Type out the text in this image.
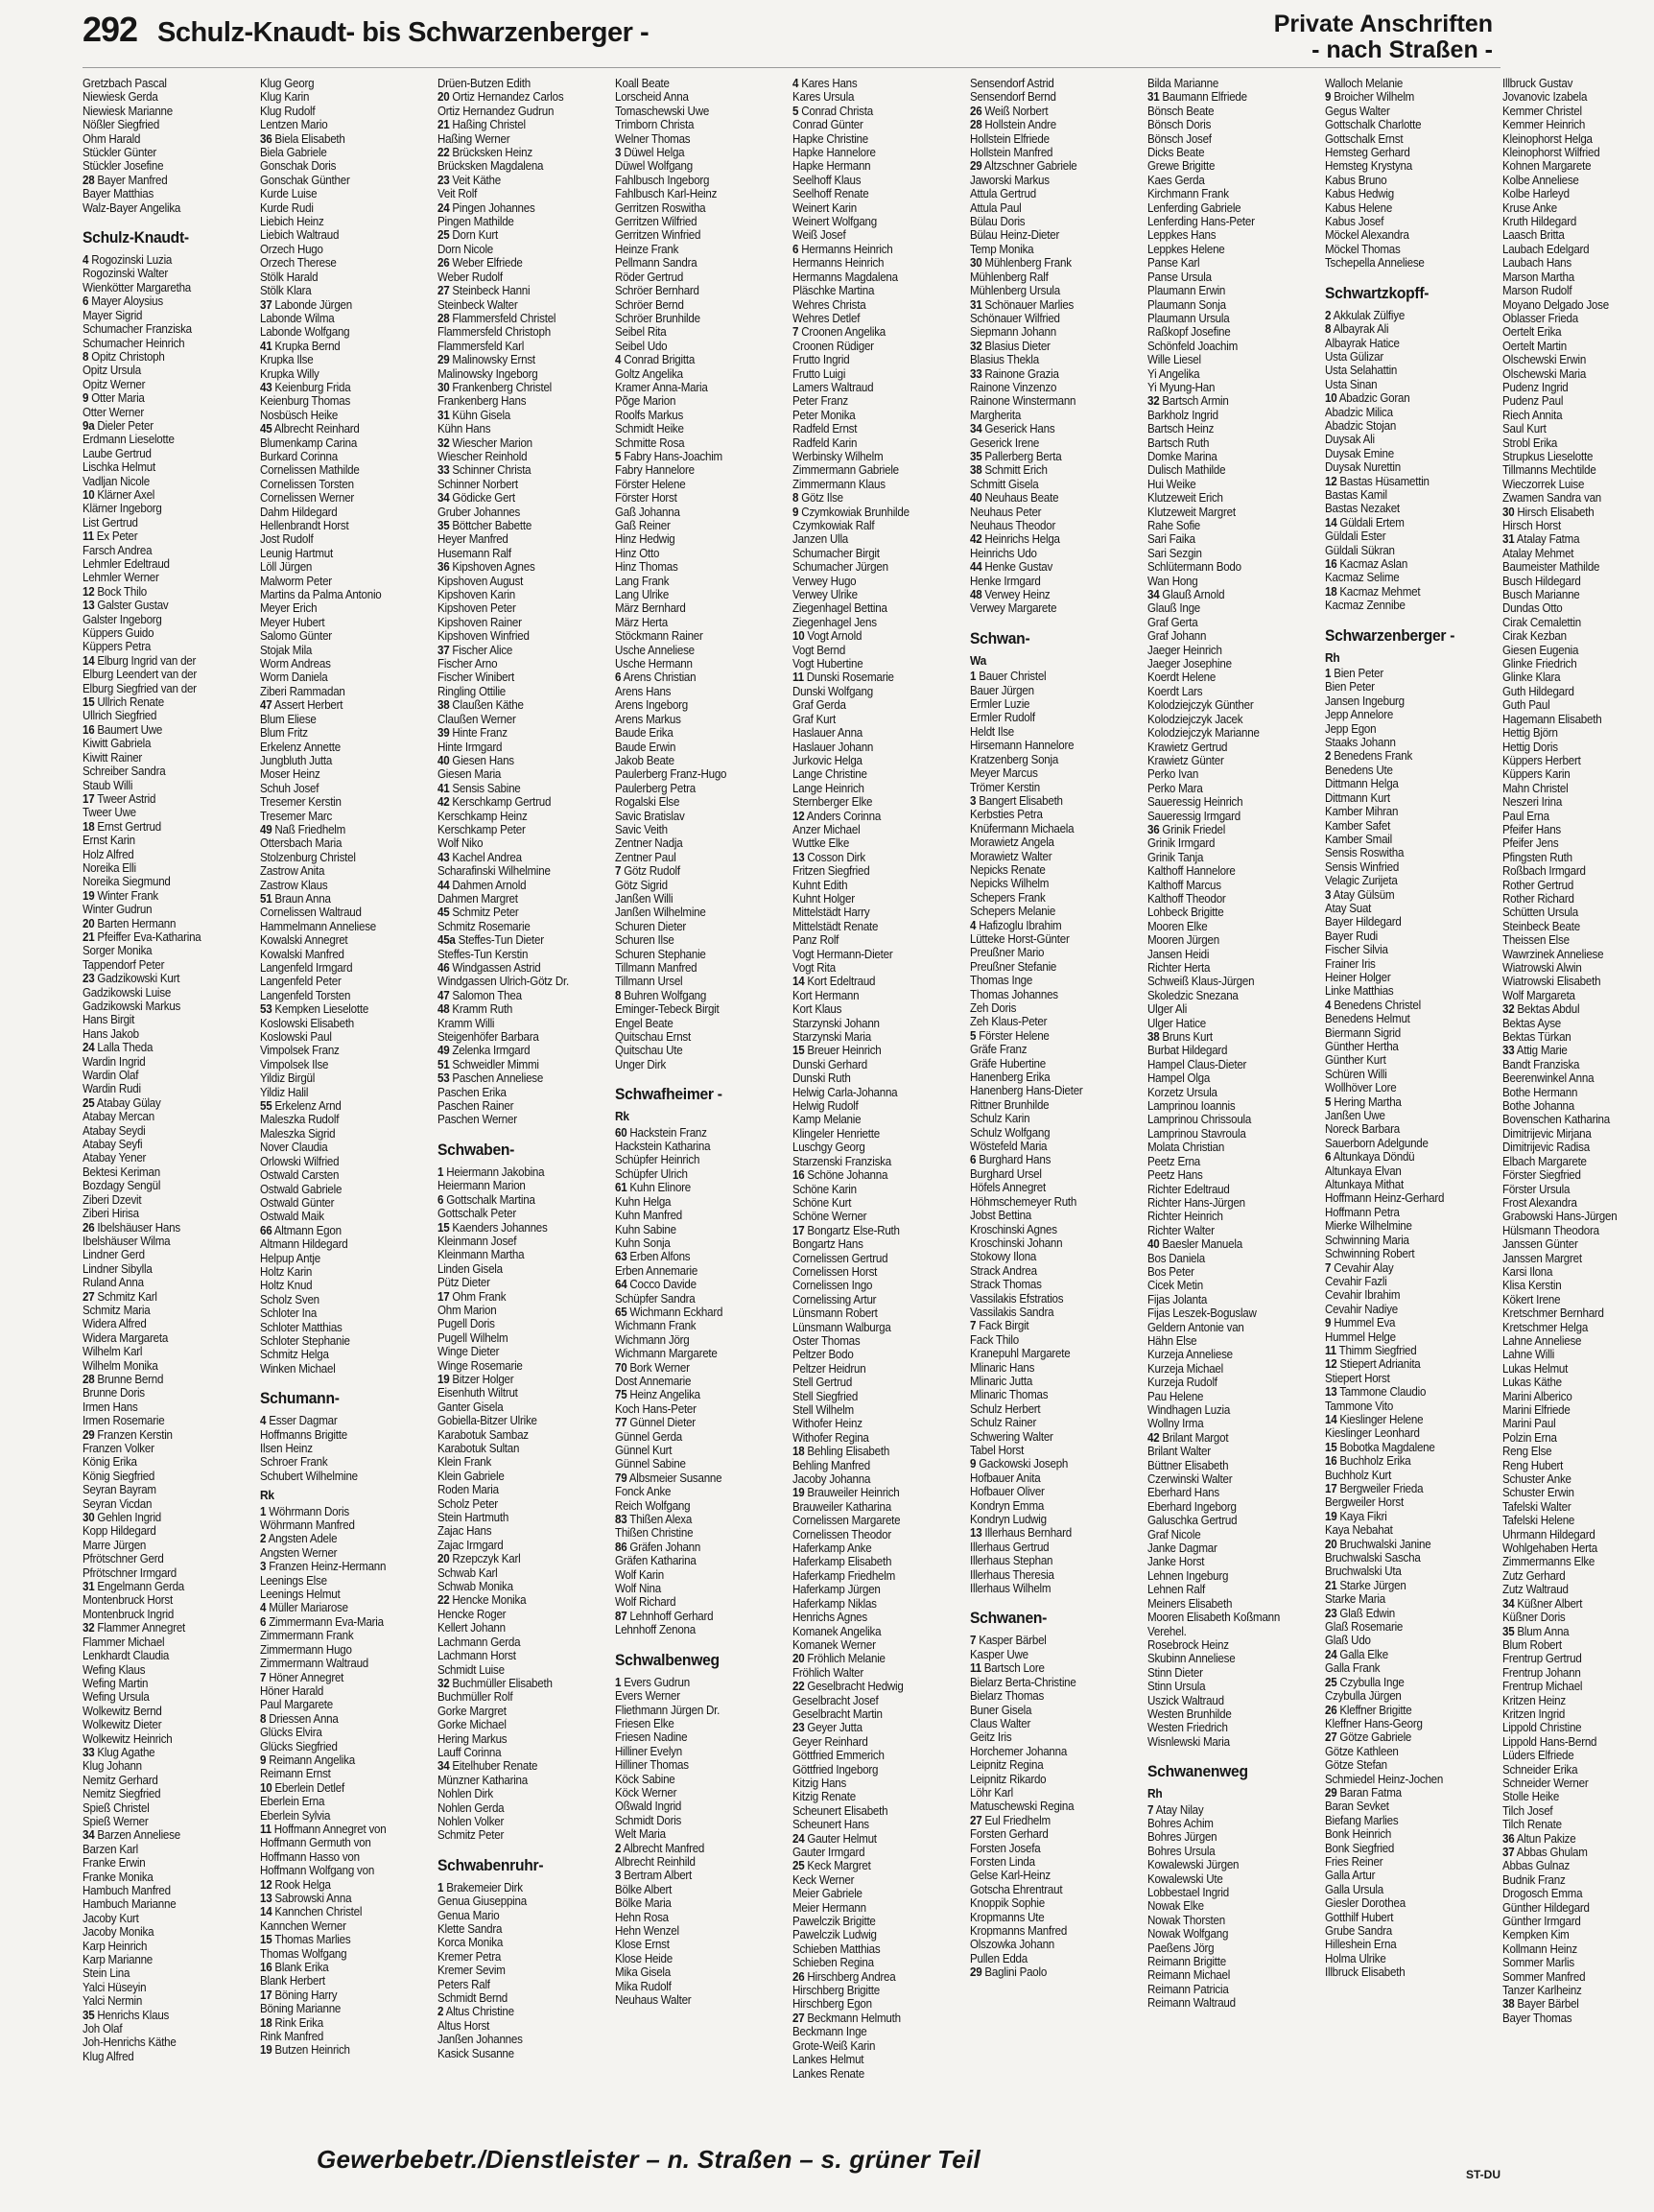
292 Schulz-Knaudt- bis Schwarzenberger -	Private Anschriften
- nach Straßen -
Gretzbach Pascal
Niewiesk Gerda
Niewiesk Marianne
Nößler Siegfried
Ohm Harald
Stückler Günter
Stückler Josefine
28 Bayer Manfred
Bayer Matthias
Walz-Bayer Angelika
Schulz-Knaudt-
4 Rogozinski Luzia
Rogozinski Walter
Wienkötter Margaretha
6 Mayer Aloysius
Mayer Sigrid
Schumacher Franziska
Schumacher Heinrich
8 Opitz Christoph
Opitz Ursula
Opitz Werner
9 Otter Maria
Otter Werner
9a Dieler Peter
Erdmann Lieselotte
Laube Gertrud
Lischka Helmut
Vadljan Nicole
10 Klärner Axel
Klärner Ingeborg
List Gertrud
11 Ex Peter
Farsch Andrea
Lehmler Edeltraud
Lehmler Werner
12 Bock Thilo
13 Galster Gustav
Galster Ingeborg
Küppers Guido
Küppers Petra
14 Elburg Ingrid van der
Elburg Leendert van der
Elburg Siegfried van der
15 Ullrich Renate
Ullrich Siegfried
16 Baumert Uwe
Kiwitt Gabriela
Kiwitt Rainer
Schreiber Sandra
Staub Willi
17 Tweer Astrid
Tweer Uwe
18 Ernst Gertrud
Ernst Karin
Holz Alfred
Noreika Elli
Noreika Siegmund
19 Winter Frank
Winter Gudrun
20 Barten Hermann
21 Pfeiffer Eva-Katharina
Sorger Monika
Tappendorf Peter
23 Gadzikowski Kurt
Gadzikowski Luise
Gadzikowski Markus
Hans Birgit
Hans Jakob
24 Lalla Theda
Wardin Ingrid
Wardin Olaf
Wardin Rudi
25 Atabay Gülay
Atabay Mercan
Atabay Seydi
Atabay Seyfi
Atabay Yener
Bektesi Keriman
Bozdagy Sengül
Ziberi Dzevit
Ziberi Hirisa
26 Ibelshäuser Hans
Ibelshäuser Wilma
Lindner Gerd
Lindner Sibylla
Ruland Anna
27 Schmitz Karl
Schmitz Maria
Widera Alfred
Widera Margareta
Wilhelm Karl
Wilhelm Monika
28 Brunne Bernd
Brunne Doris
Irmen Hans
Irmen Rosemarie
29 Franzen Kerstin
Franzen Volker
König Erika
König Siegfried
Seyran Bayram
Seyran Vicdan
30 Gehlen Ingrid
Kopp Hildegard
Marre Jürgen
Pfrötschner Gerd
Pfrötschner Irmgard
31 Engelmann Gerda
Montenbruck Horst
Montenbruck Ingrid
32 Flammer Annegret
Flammer Michael
Lenkhardt Claudia
Wefing Klaus
Wefing Martin
Wefing Ursula
Wolkewitz Bernd
Wolkewitz Dieter
Wolkewitz Heinrich
33 Klug Agathe
Klug Johann
Nemitz Gerhard
Nemitz Siegfried
Spieß Christel
Spieß Werner
34 Barzen Anneliese
Barzen Karl
Franke Erwin
Franke Monika
Hambuch Manfred
Hambuch Marianne
Jacoby Kurt
Jacoby Monika
Karp Heinrich
Karp Marianne
Stein Lina
Yalci Hüseyin
Yalci Nermin
35 Henrichs Klaus
Joh Olaf
Joh-Henrichs Käthe
Klug Alfred
Klug Georg
Klug Karin
Klug Rudolf
Lentzen Mario
36 Biela Elisabeth
Biela Gabriele
Gonschak Doris
Gonschak Günther
Kurde Luise
Kurde Rudi
Liebich Heinz
Liebich Waltraud
Orzech Hugo
Orzech Therese
Stölk Harald
Stölk Klara
37 Labonde Jürgen
Labonde Wilma
Labonde Wolfgang
41 Krupka Bernd
Krupka Ilse
Krupka Willy
43 Keienburg Frida
Keienburg Thomas
Nosbüsch Heike
45 Albrecht Reinhard
Blumenkamp Carina
Burkard Corinna
Cornelissen Mathilde
Cornelissen Torsten
Cornelissen Werner
Dahm Hildegard
Hellenbrandt Horst
Jost Rudolf
Leunig Hartmut
Löll Jürgen
Malworm Peter
Martins da Palma Antonio
Meyer Erich
Meyer Hubert
Salomo Günter
Stojak Mila
Worm Andreas
Worm Daniela
Ziberi Rammadan
47 Assert Herbert
Blum Eliese
Blum Fritz
Erkelenz Annette
Jungbluth Jutta
Moser Heinz
Schuh Josef
Tresemer Kerstin
Tresemer Marc
49 Naß Friedhelm
Ottersbach Maria
Stolzenburg Christel
Zastrow Anita
Zastrow Klaus
51 Braun Anna
Cornelissen Waltraud
Hammelmann Anneliese
Kowalski Annegret
Kowalski Manfred
Langenfeld Irmgard
Langenfeld Peter
Langenfeld Torsten
53 Kempken Lieselotte
Koslowski Elisabeth
Koslowski Paul
Vimpolsek Franz
Vimpolsek Ilse
Yildiz Birgül
Yildiz Halil
55 Erkelenz Arnd
Maleszka Rudolf
Maleszka Sigrid
Nover Claudia
Orlowski Wilfried
Ostwald Carsten
Ostwald Gabriele
Ostwald Günter
Ostwald Maik
66 Altmann Egon
Altmann Hildegard
Helpup Antje
Holtz Karin
Holtz Knud
Scholz Sven
Schloter Ina
Schloter Matthias
Schloter Stephanie
Schmitz Helga
Winken Michael
Schumann-
4 Esser Dagmar
Hoffmanns Brigitte
Ilsen Heinz
Schroer Frank
Schubert Wilhelmine
Rk
1 Wöhrmann Doris
Wöhrmann Manfred
2 Angsten Adele
Angsten Werner
3 Franzen Heinz-Hermann
Leenings Else
Leenings Helmut
4 Müller Mariarose
6 Zimmermann Eva-Maria
Zimmermann Frank
Zimmermann Hugo
Zimmermann Waltraud
7 Höner Annegret
Höner Harald
Paul Margarete
8 Driessen Anna
Glücks Elvira
Glücks Siegfried
9 Reimann Angelika
Reimann Ernst
10 Eberlein Detlef
Eberlein Erna
Eberlein Sylvia
11 Hoffmann Annegret von
Hoffmann Germuth von
Hoffmann Hasso von
Hoffmann Wolfgang von
12 Rook Helga
13 Sabrowski Anna
14 Kannchen Christel
Kannchen Werner
15 Thomas Marlies
Thomas Wolfgang
16 Blank Erika
Blank Herbert
17 Böning Harry
Böning Marianne
18 Rink Erika
Rink Manfred
19 Butzen Heinrich
Drüen-Butzen Edith
20 Ortiz Hernandez Carlos
Ortiz Hernandez Gudrun
21 Haßing Christel
Haßing Werner
22 Brücksken Heinz
Brücksken Magdalena
23 Veit Käthe
Veit Rolf
24 Pingen Johannes
Pingen Mathilde
25 Dorn Kurt
Dorn Nicole
26 Weber Elfriede
Weber Rudolf
27 Steinbeck Hanni
Steinbeck Walter
28 Flammersfeld Christel
Flammersfeld Christoph
Flammersfeld Karl
29 Malinowsky Ernst
Malinowsky Ingeborg
30 Frankenberg Christel
Frankenberg Hans
31 Kühn Gisela
Kühn Hans
32 Wiescher Marion
Wiescher Reinhold
33 Schinner Christa
Schinner Norbert
34 Gödicke Gert
Gruber Johannes
35 Böttcher Babette
Heyer Manfred
Husemann Ralf
36 Kipshoven Agnes
Kipshoven August
Kipshoven Karin
Kipshoven Peter
Kipshoven Rainer
Kipshoven Winfried
37 Fischer Alice
Fischer Arno
Fischer Winibert
Ringling Ottilie
38 Claußen Käthe
Claußen Werner
39 Hinte Franz
Hinte Irmgard
40 Giesen Hans
Giesen Maria
41 Sensis Sabine
42 Kerschkamp Gertrud
Kerschkamp Heinz
Kerschkamp Peter
Wolf Niko
43 Kachel Andrea
Scharafinski Wilhelmine
44 Dahmen Arnold
Dahmen Margret
45 Schmitz Peter
Schmitz Rosemarie
45a Steffes-Tun Dieter
Steffes-Tun Kerstin
46 Windgassen Astrid
Windgassen Ulrich-Götz Dr.
47 Salomon Thea
48 Kramm Ruth
Kramm Willi
Steigenhöfer Barbara
49 Zelenka Irmgard
51 Schweidler Mimmi
53 Paschen Anneliese
Paschen Erika
Paschen Rainer
Paschen Werner
Schwaben-
1 Heiermann Jakobina
Heiermann Marion
6 Gottschalk Martina
Gottschalk Peter
15 Kaenders Johannes
Kleinmann Josef
Kleinmann Martha
Linden Gisela
Pütz Dieter
17 Ohm Frank
Ohm Marion
Pugell Doris
Pugell Wilhelm
Winge Dieter
Winge Rosemarie
19 Bitzer Holger
Eisenhuth Wiltrut
Ganter Gisela
Gobiella-Bitzer Ulrike
Karabotuk Sambaz
Karabotuk Sultan
Klein Frank
Klein Gabriele
Roden Maria
Scholz Peter
Stein Hartmuth
Zajac Hans
Zajac Irmgard
20 Rzepczyk Karl
Schwab Karl
Schwab Monika
22 Hencke Monika
Hencke Roger
Kellert Johann
Lachmann Gerda
Lachmann Horst
Schmidt Luise
32 Buchmüller Elisabeth
Buchmüller Rolf
Gorke Margret
Gorke Michael
Hering Markus
Lauff Corinna
34 Eitelhuber Renate
Münzner Katharina
Nohlen Dirk
Nohlen Gerda
Nohlen Volker
Schmitz Peter
Schwabenruhr-
1 Brakemeier Dirk
Genua Giuseppina
Genua Mario
Klette Sandra
Korca Monika
Kremer Petra
Kremer Sevim
Peters Ralf
Schmidt Bernd
2 Altus Christine
Altus Horst
Janßen Johannes
Kasick Susanne
Koall Beate
Lorscheid Anna
Tomaschewski Uwe
Trimborn Christa
Welner Thomas
3 Düwel Helga
Düwel Wolfgang
Fahlbusch Ingeborg
Fahlbusch Karl-Heinz
Gerritzen Roswitha
Gerritzen Wilfried
Gerritzen Winfried
Heinze Frank
Pellmann Sandra
Röder Gertrud
Schröer Bernhard
Schröer Bernd
Schröer Brunhilde
Seibel Rita
Seibel Udo
4 Conrad Brigitta
Goltz Angelika
Kramer Anna-Maria
Põge Marion
Roolfs Markus
Schmidt Heike
Schmitte Rosa
5 Fabry Hans-Joachim
Fabry Hannelore
Förster Helene
Förster Horst
Gaß Johanna
Gaß Reiner
Hinz Hedwig
Hinz Otto
Hinz Thomas
Lang Frank
Lang Ulrike
März Bernhard
März Herta
Stöckmann Rainer
Usche Anneliese
Usche Hermann
6 Arens Christian
Arens Hans
Arens Ingeborg
Arens Markus
Baude Erika
Baude Erwin
Jakob Beate
Paulerberg Franz-Hugo
Paulerberg Petra
Rogalski Else
Savic Bratislav
Savic Veith
Zentner Nadja
Zentner Paul
7 Götz Rudolf
Götz Sigrid
Janßen Willi
Janßen Wilhelmine
Schuren Dieter
Schuren Ilse
Schuren Stephanie
Tillmann Manfred
Tillmann Ursel
8 Buhren Wolfgang
Eminger-Tebeck Birgit
Engel Beate
Quitschau Ernst
Quitschau Ute
Unger Dirk
Schwafheimer -
Rk
60 Hackstein Franz
Hackstein Katharina
Schüpfer Heinrich
Schüpfer Ulrich
61 Kuhn Elinore
Kuhn Helga
Kuhn Manfred
Kuhn Sabine
Kuhn Sonja
63 Erben Alfons
Erben Annemarie
64 Cocco Davide
Schüpfer Sandra
65 Wichmann Eckhard
Wichmann Frank
Wichmann Jörg
Wichmann Margarete
70 Bork Werner
Dost Annemarie
75 Heinz Angelika
Koch Hans-Peter
77 Günnel Dieter
Günnel Gerda
Günnel Kurt
Günnel Sabine
79 Albsmeier Susanne
Fonck Anke
Reich Wolfgang
83 Thißen Alexa
Thißen Christine
86 Gräfen Johann
Gräfen Katharina
Wolf Karin
Wolf Nina
Wolf Richard
87 Lehnhoff Gerhard
Lehnhoff Zenona
Schwalbenweg
1 Evers Gudrun
Evers Werner
Fliethmann Jürgen Dr.
Friesen Elke
Friesen Nadine
Hilliner Evelyn
Hilliner Thomas
Köck Sabine
Köck Werner
Oßwald Ingrid
Schmidt Doris
Welt Maria
2 Albrecht Manfred
Albrecht Reinhild
3 Bertram Albert
Bölke Albert
Bölke Maria
Hehn Rosa
Hehn Wenzel
Klose Ernst
Klose Heide
Mika Gisela
Mika Rudolf
Neuhaus Walter
4 Kares Hans
Kares Ursula
5 Conrad Christa
Conrad Günter
Hapke Christine
Hapke Hannelore
Hapke Hermann
Seelhoff Klaus
Seelhoff Renate
Weinert Karin
Weinert Wolfgang
Weiß Josef
6 Hermanns Heinrich
Hermanns Heinrich
Hermanns Magdalena
Pläschke Martina
Wehres Christa
Wehres Detlef
7 Croonen Angelika
Croonen Rüdiger
Frutto Ingrid
Frutto Luigi
Lamers Waltraud
Peter Franz
Peter Monika
Radfeld Ernst
Radfeld Karin
Werbinsky Wilhelm
Zimmermann Gabriele
Zimmermann Klaus
8 Götz Ilse
9 Czymkowiak Brunhilde
Czymkowiak Ralf
Janzen Ulla
Schumacher Birgit
Schumacher Jürgen
Verwey Hugo
Verwey Ulrike
Ziegenhagel Bettina
Ziegenhagel Jens
10 Vogt Arnold
Vogt Bernd
Vogt Hubertine
11 Dunski Rosemarie
Dunski Wolfgang
Graf Gerda
Graf Kurt
Haslauer Anna
Haslauer Johann
Jurkovic Helga
Lange Christine
Lange Heinrich
Sternberger Elke
12 Anders Corinna
Anzer Michael
Wuttke Elke
13 Cosson Dirk
Fritzen Siegfried
Kuhnt Edith
Kuhnt Holger
Mittelstädt Harry
Mittelstädt Renate
Panz Rolf
Vogt Hermann-Dieter
Vogt Rita
14 Kort Edeltraud
Kort Hermann
Kort Klaus
Starzynski Johann
Starzynski Maria
15 Breuer Heinrich
Dunski Gerhard
Dunski Ruth
Helwig Carla-Johanna
Helwig Rudolf
Kamp Melanie
Klingeler Henriette
Luschgy Georg
Starzenski Franziska
16 Schöne Johanna
Schöne Karin
Schöne Kurt
Schöne Werner
17 Bongartz Else-Ruth
Bongartz Hans
Cornelissen Gertrud
Cornelissen Horst
Cornelissen Ingo
Cornelissing Artur
Lünsmann Robert
Lünsmann Walburga
Oster Thomas
Peltzer Bodo
Peltzer Heidrun
Stell Gertrud
Stell Siegfried
Stell Wilhelm
Withofer Heinz
Withofer Regina
18 Behling Elisabeth
Behling Manfred
Jacoby Johanna
19 Brauweiler Heinrich
Brauweiler Katharina
Cornelissen Margarete
Cornelissen Theodor
Haferkamp Anke
Haferkamp Elisabeth
Haferkamp Friedhelm
Haferkamp Jürgen
Haferkamp Niklas
Henrichs Agnes
Komanek Angelika
Komanek Werner
20 Fröhlich Melanie
Fröhlich Walter
22 Geselbracht Hedwig
Geselbracht Josef
Geselbracht Martin
23 Geyer Jutta
Geyer Reinhard
Göttfried Emmerich
Göttfried Ingeborg
Kitzig Hans
Kitzig Renate
Scheunert Elisabeth
Scheunert Hans
24 Gauter Helmut
Gauter Irmgard
25 Keck Margret
Keck Werner
Meier Gabriele
Meier Hermann
Pawelczik Brigitte
Pawelczik Ludwig
Schieben Matthias
Schieben Regina
26 Hirschberg Andrea
Hirschberg Brigitte
Hirschberg Egon
27 Beckmann Helmuth
Beckmann Inge
Grote-Weiß Karin
Lankes Helmut
Lankes Renate
Sensendorf Astrid
Sensendorf Bernd
26 Weiß Norbert
28 Hollstein Andre
Hollstein Elfriede
Hollstein Manfred
29 Altzschner Gabriele
Jaworski Markus
Attula Gertrud
Attula Paul
Bülau Doris
Bülau Heinz-Dieter
Temp Monika
30 Mühlenberg Frank
Mühlenberg Ralf
Mühlenberg Ursula
31 Schönauer Marlies
Schönauer Wilfried
Siepmann Johann
32 Blasius Dieter
Blasius Thekla
33 Rainone Grazia
Rainone Vinzenzo
Rainone Winstermann
Margherita
34 Geserick Hans
Geserick Irene
35 Pallerberg Berta
38 Schmitt Erich
Schmitt Gisela
40 Neuhaus Beate
Neuhaus Peter
Neuhaus Theodor
42 Heinrichs Helga
Heinrichs Udo
44 Henke Gustav
Henke Irmgard
48 Verwey Heinz
Verwey Margarete
Schwan-
Wa
1 Bauer Christel
Bauer Jürgen
Ermler Luzie
Ermler Rudolf
Heldt Ilse
Hirsemann Hannelore
Kratzenberg Sonja
Meyer Marcus
Trömer Kerstin
3 Bangert Elisabeth
Kerbsties Petra
Knüfermann Michaela
Morawietz Angela
Morawietz Walter
Nepicks Renate
Nepicks Wilhelm
Schepers Frank
Schepers Melanie
4 Hafizoglu Ibrahim
Lütteke Horst-Günter
Preußner Mario
Preußner Stefanie
Thomas Inge
Thomas Johannes
Zeh Doris
Zeh Klaus-Peter
5 Förster Helene
Gräfe Franz
Gräfe Hubertine
Hanenberg Erika
Hanenberg Hans-Dieter
Rittner Brunhilde
Schulz Karin
Schulz Wolfgang
Wöstefeld Maria
6 Burghard Hans
Burghard Ursel
Höfels Annegret
Höhmschemeyer Ruth
Jobst Bettina
Kroschinski Agnes
Kroschinski Johann
Stokowy Ilona
Strack Andrea
Strack Thomas
Vassilakis Efstratios
Vassilakis Sandra
7 Fack Birgit
Fack Thilo
Kranepuhl Margarete
Mlinaric Hans
Mlinaric Jutta
Mlinaric Thomas
Schulz Herbert
Schulz Rainer
Schwering Walter
Tabel Horst
9 Gackowski Joseph
Hofbauer Anita
Hofbauer Oliver
Kondryn Emma
Kondryn Ludwig
13 Illerhaus Bernhard
Illerhaus Gertrud
Illerhaus Stephan
Illerhaus Theresia
Illerhaus Wilhelm
Schwanen-
7 Kasper Bärbel
Kasper Uwe
11 Bartsch Lore
Bielarz Berta-Christine
Bielarz Thomas
Buner Gisela
Claus Walter
Geitz Iris
Horchemer Johanna
Leipnitz Regina
Leipnitz Rikardo
Löhr Karl
Matuschewski Regina
27 Eul Friedhelm
Forsten Gerhard
Forsten Josefa
Forsten Linda
Gelse Karl-Heinz
Gotscha Ehrentraut
Knoppik Sophie
Kropmanns Ute
Kropmanns Manfred
Olszowka Johann
Pullen Edda
29 Baglini Paolo
Bilda Marianne
31 Baumann Elfriede
Bönsch Beate
Bönsch Doris
Bönsch Josef
Dicks Beate
Grewe Brigitte
Kaes Gerda
Kirchmann Frank
Lenferding Gabriele
Lenferding Hans-Peter
Leppkes Hans
Leppkes Helene
Panse Karl
Panse Ursula
Plaumann Erwin
Plaumann Sonja
Plaumann Ursula
Raßkopf Josefine
Schönfeld Joachim
Wille Liesel
Yi Angelika
Yi Myung-Han
32 Bartsch Armin
Barkholz Ingrid
Bartsch Heinz
Bartsch Ruth
Domke Marina
Dulisch Mathilde
Hui Weike
Klutzeweit Erich
Klutzeweit Margret
Rahe Sofie
Sari Faika
Sari Sezgin
Schlütermann Bodo
Wan Hong
34 Glauß Arnold
Glauß Inge
Graf Gerta
Graf Johann
Jaeger Heinrich
Jaeger Josephine
Koerdt Helene
Koerdt Lars
Kolodziejczyk Günther
Kolodziejczyk Jacek
Kolodziejczyk Marianne
Krawietz Gertrud
Krawietz Günter
Perko Ivan
Perko Mara
Saueressig Heinrich
Saueressig Irmgard
36 Grinik Friedel
Grinik Irmgard
Grinik Tanja
Kalthoff Hannelore
Kalthoff Marcus
Kalthoff Theodor
Lohbeck Brigitte
Mooren Elke
Mooren Jürgen
Jansen Heidi
Richter Herta
Schweiß Klaus-Jürgen
Skoledzic Snezana
Ulger Ali
Ulger Hatice
38 Bruns Kurt
Burbat Hildegard
Hampel Claus-Dieter
Hampel Olga
Korzetz Ursula
Lamprinou Ioannis
Lamprinou Chrissoula
Lamprinou Stavroula
Molata Christian
Peetz Erna
Peetz Hans
Richter Edeltraud
Richter Hans-Jürgen
Richter Heinrich
Richter Walter
40 Baesler Manuela
Bos Daniela
Bos Peter
Cicek Metin
Fijas Jolanta
Fijas Leszek-Boguslaw
Geldern Antonie van
Hähn Else
Kurzeja Anneliese
Kurzeja Michael
Kurzeja Rudolf
Pau Helene
Windhagen Luzia
Wollny Irma
42 Brilant Margot
Brilant Walter
Büttner Elisabeth
Czerwinski Walter
Eberhard Hans
Eberhard Ingeborg
Galuschka Gertrud
Graf Nicole
Janke Dagmar
Janke Horst
Lehnen Ingeburg
Lehnen Ralf
Meiners Elisabeth
Mooren Elisabeth Koßmann
Verehel.
Rosebrock Heinz
Skubinn Anneliese
Stinn Dieter
Stinn Ursula
Uszick Waltraud
Westen Brunhilde
Westen Friedrich
Wisnlewski Maria
Schwanenweg
Rh
7 Atay Nilay
Bohres Achim
Bohres Jürgen
Bohres Ursula
Kowalewski Jürgen
Kowalewski Ute
Lobbestael Ingrid
Nowak Elke
Nowak Thorsten
Nowak Wolfgang
Paeßens Jörg
Reimann Brigitte
Reimann Michael
Reimann Patricia
Reimann Waltraud
Walloch Melanie
9 Broicher Wilhelm
Gegus Walter
Gottschalk Charlotte
Gottschalk Ernst
Hemsteg Gerhard
Hemsteg Krystyna
Kabus Bruno
Kabus Hedwig
Kabus Helene
Kabus Josef
Möckel Alexandra
Möckel Thomas
Tschepella Anneliese
Schwartzkopff-
2 Akkulak Zülfiye
8 Albayrak Ali
Albayrak Hatice
Usta Gülizar
Usta Selahattin
Usta Sinan
10 Abadzic Goran
Abadzic Milica
Abadzic Stojan
Duysak Ali
Duysak Emine
Duysak Nurettin
12 Bastas Hüsamettin
Bastas Kamil
Bastas Nezaket
14 Güldali Ertem
Güldali Ester
Güldali Sükran
16 Kacmaz Aslan
Kacmaz Selime
18 Kacmaz Mehmet
Kacmaz Zennibe
Schwarzenberger -
Rh
1 Bien Peter
Bien Peter
Jansen Ingeburg
Jepp Annelore
Jepp Egon
Staaks Johann
2 Benedens Frank
Benedens Ute
Dittmann Helga
Dittmann Kurt
Kamber Mihran
Kamber Safet
Kamber Smail
Sensis Roswitha
Sensis Winfried
Velagic Zurijeta
3 Atay Gülsüm
Atay Suat
Bayer Hildegard
Bayer Rudi
Fischer Silvia
Frainer Iris
Heiner Holger
Linke Matthias
4 Benedens Christel
Benedens Helmut
Biermann Sigrid
Günther Hertha
Günther Kurt
Schüren Willi
Wollhöver Lore
5 Hering Martha
Janßen Uwe
Noreck Barbara
Sauerborn Adelgunde
6 Altunkaya Döndü
Altunkaya Elvan
Altunkaya Mithat
Hoffmann Heinz-Gerhard
Hoffmann Petra
Mierke Wilhelmine
Schwinning Maria
Schwinning Robert
7 Cevahir Alay
Cevahir Fazli
Cevahir Ibrahim
Cevahir Nadiye
9 Hummel Eva
Hummel Helge
11 Thimm Siegfried
12 Stiepert Adrianita
Stiepert Horst
13 Tammone Claudio
Tammone Vito
14 Kieslinger Helene
Kieslinger Leonhard
15 Bobotka Magdalene
16 Buchholz Erika
Buchholz Kurt
17 Bergweiler Frieda
Bergweiler Horst
19 Kaya Fikri
Kaya Nebahat
20 Bruchwalski Janine
Bruchwalski Sascha
Bruchwalski Uta
21 Starke Jürgen
Starke Maria
23 Glaß Edwin
Glaß Rosemarie
Glaß Udo
24 Galla Elke
Galla Frank
25 Czybulla Inge
Czybulla Jürgen
26 Kleffner Brigitte
Kleffner Hans-Georg
27 Götze Gabriele
Götze Kathleen
Götze Stefan
Schmiedel Heinz-Jochen
29 Baran Fatma
Baran Sevket
Biefang Marlies
Bonk Heinrich
Bonk Siegfried
Fries Reiner
Galla Artur
Galla Ursula
Giesler Dorothea
Gotthilf Hubert
Grube Sandra
Hilleshein Erna
Holma Ulrike
Illbruck Elisabeth
Illbruck Gustav
Jovanovic Izabela
Kemmer Christel
Kemmer Heinrich
Kleinophorst Helga
Kleinophorst Wilfried
Kohnen Margarete
Kolbe Anneliese
Kolbe Harleyd
Kruse Anke
Kruth Hildegard
Laasch Britta
Laubach Edelgard
Laubach Hans
Marson Martha
Marson Rudolf
Moyano Delgado Jose
Oblasser Frieda
Oertelt Erika
Oertelt Martin
Olschewski Erwin
Olschewski Maria
Pudenz Ingrid
Pudenz Paul
Riech Annita
Saul Kurt
Strobl Erika
Strupkus Lieselotte
Tillmanns Mechtilde
Wieczorrek Luise
Zwamen Sandra van
30 Hirsch Elisabeth
Hirsch Horst
31 Atalay Fatma
Atalay Mehmet
Baumeister Mathilde
Busch Hildegard
Busch Marianne
Dundas Otto
Cirak Cemalettin
Cirak Kezban
Giesen Eugenia
Glinke Friedrich
Glinke Klara
Guth Hildegard
Guth Paul
Hagemann Elisabeth
Hettig Björn
Hettig Doris
Küppers Herbert
Küppers Karin
Mahn Christel
Neszeri Irina
Paul Erna
Pfeifer Hans
Pfeifer Jens
Pfingsten Ruth
Roßbach Irmgard
Rother Gertrud
Rother Richard
Schütten Ursula
Steinbeck Beate
Theissen Else
Wawrzinek Anneliese
Wiatrowski Alwin
Wiatrowski Elisabeth
Wolf Margareta
32 Bektas Abdul
Bektas Ayse
Bektas Türkan
33 Attig Marie
Bandt Franziska
Beerenwinkel Anna
Bothe Hermann
Bothe Johanna
Bovenschen Katharina
Dimitrijevic Mirjana
Dimitrijevic Radisa
Elbach Margarete
Förster Siegfried
Förster Ursula
Frost Alexandra
Grabowski Hans-Jürgen
Hülsmann Theodora
Janssen Günter
Janssen Margret
Karsi Ilona
Klisa Kerstin
Kökert Irene
Kretschmer Bernhard
Kretschmer Helga
Lahne Anneliese
Lahne Willi
Lukas Helmut
Lukas Käthe
Marini Alberico
Marini Elfriede
Marini Paul
Polzin Erna
Reng Else
Reng Hubert
Schuster Anke
Schuster Erwin
Tafelski Walter
Tafelski Helene
Uhrmann Hildegard
Wohlgehaben Herta
Zimmermanns Elke
Zutz Gerhard
Zutz Waltraud
34 Küßner Albert
Küßner Doris
35 Blum Anna
Blum Robert
Frentrup Gertrud
Frentrup Johann
Frentrup Michael
Kritzen Heinz
Kritzen Ingrid
Lippold Christine
Lippold Hans-Bernd
Lüders Elfriede
Schneider Erika
Schneider Werner
Stolle Heike
Tilch Josef
Tilch Renate
36 Altun Pakize
37 Abbas Ghulam
Abbas Gulnaz
Budnik Franz
Drogosch Emma
Günther Hildegard
Günther Irmgard
Kempken Kim
Kollmann Heinz
Sommer Marlis
Sommer Manfred
Tanzer Karlheinz
38 Bayer Bärbel
Bayer Thomas
Gewerbebetr./Dienstleister – n. Straßen – s. grüner Teil
ST-DU
